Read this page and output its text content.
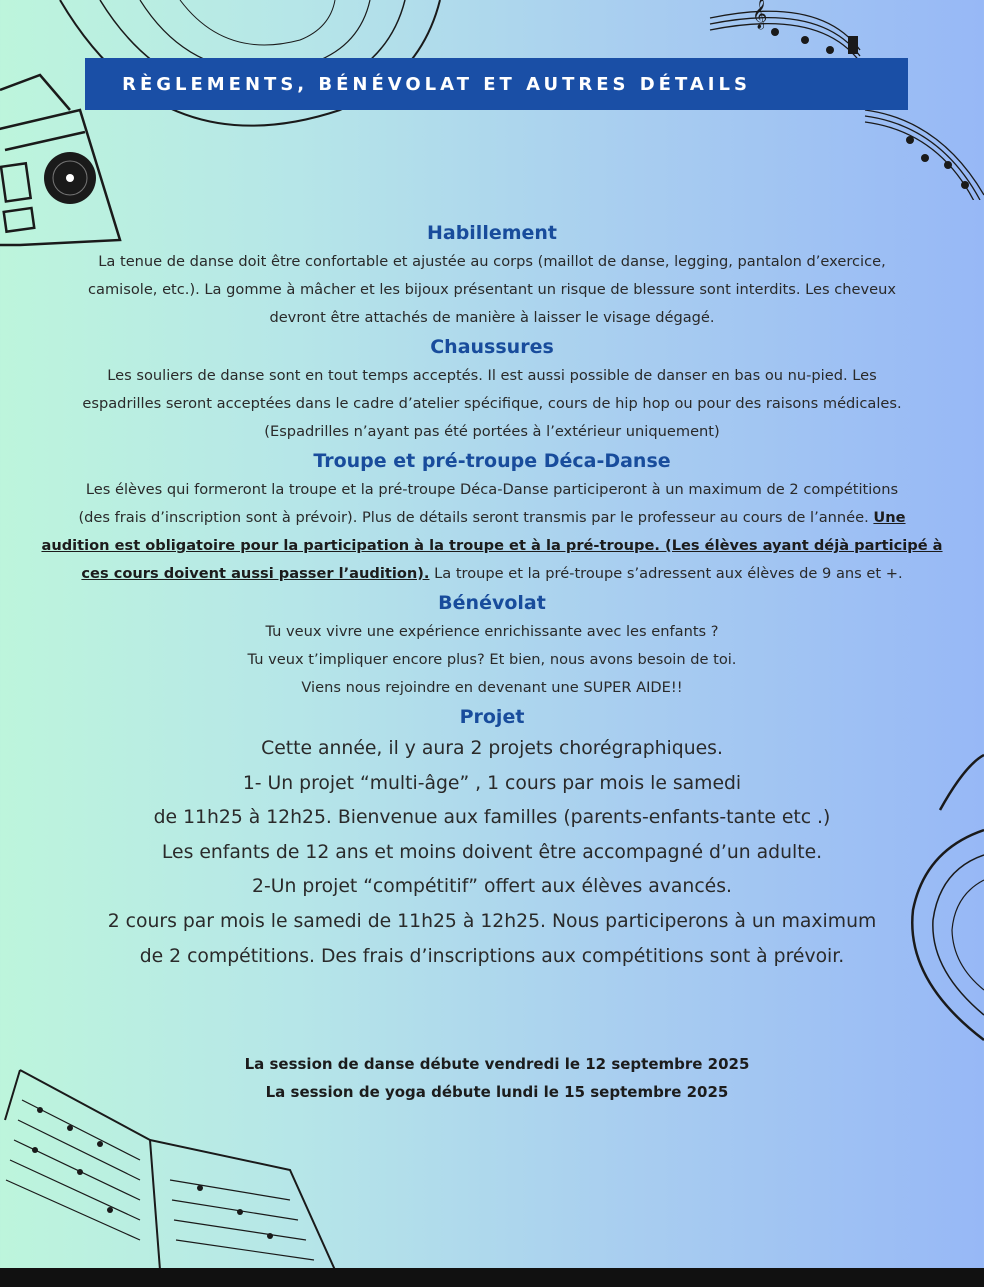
𝄞
RÈGLEMENTS, BÉNÉVOLAT ET AUTRES DÉTAILS
Habillement
La tenue de danse doit être confortable et ajustée au corps (maillot de danse, legging, pantalon d’exercice,
camisole, etc.). La gomme à mâcher et les bijoux présentant un risque de blessure sont interdits. Les cheveux
devront être attachés de manière à laisser le visage dégagé.
Chaussures
Les souliers de danse sont en tout temps acceptés. Il est aussi possible de danser en bas ou nu-pied. Les
espadrilles seront acceptées dans le cadre d’atelier spécifique, cours de hip hop ou pour des raisons médicales.
(Espadrilles n’ayant pas été portées à l’extérieur uniquement)
Troupe et pré-troupe Déca-Danse
Les élèves qui formeront la troupe et la pré-troupe Déca-Danse participeront à un maximum de 2 compétitions
(des frais d’inscription sont à prévoir). Plus de détails seront transmis par le professeur au cours de l’année. Une
audition est obligatoire pour la participation à la troupe et à la pré-troupe. (Les élèves ayant déjà participé à
ces cours doivent aussi passer l’audition). La troupe et la pré-troupe s’adressent aux élèves de 9 ans et +.
Bénévolat
Tu veux vivre une expérience enrichissante avec les enfants ?
Tu veux t’impliquer encore plus? Et bien, nous avons besoin de toi.
Viens nous rejoindre en devenant une SUPER AIDE!!
Projet
Cette année, il y aura 2 projets chorégraphiques.
1- Un projet “multi-âge” , 1 cours par mois le samedi
de 11h25 à 12h25. Bienvenue aux familles (parents-enfants-tante etc .)
Les enfants de 12 ans et moins doivent être accompagné d’un adulte.
2-Un projet “compétitif” offert aux élèves avancés.
2 cours par mois le samedi de 11h25 à 12h25. Nous participerons à un maximum
de 2 compétitions. Des frais d’inscriptions aux compétitions sont à prévoir.
La session de danse débute vendredi le 12 septembre 2025
La session de yoga débute lundi le 15 septembre 2025
